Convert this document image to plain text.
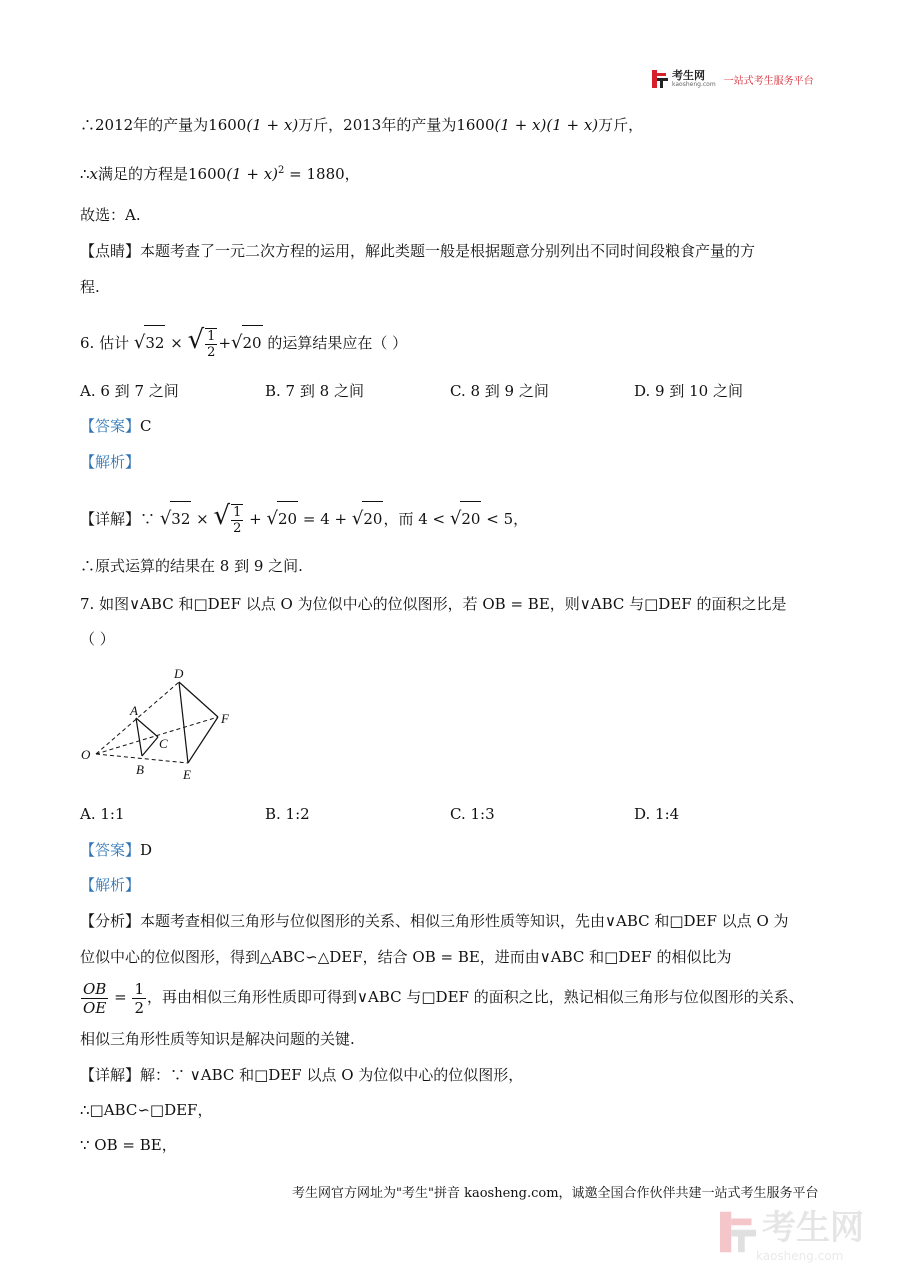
考生网
kaosheng.com 一站式考生服务平台
∴2012年的产量为1600(1 + x)万斤，2013年的产量为1600(1 + x)(1 + x)万斤，
∴x满足的方程是$1600(1 + x)^2 = 1880$，
故选：A.
【点睛】本题考查了一元二次方程的运用，解此类题一般是根据题意分别列出不同时间段粮食产量的方
程.
6. 估计 √32 × √ $\frac{1}{2} +√20$ 的运算结果应在（ ）
A. 6 到 7 之间	B. 7 到 8 之间	C. 8 到 9 之间	D. 9 到 10 之间
【答案】C
【解析】
【详解】∵ √32 × √ $\frac{1}{2} + √20 = 4 + √20$，而 4 < √20 < 5，
∴原式运算的结果在 8 到 9 之间.
7. 如图∨ABC 和□DEF 以点 O 为位似中心的位似图形，若 OB = BE，则∨ABC 与□DEF 的面积之比是
（ ）
D
A
F
C
O
B	E
A. 1:1	B. 1:2	C. 1:3	D. 1:4
【答案】D
【解析】
【分析】本题考查相似三角形与位似图形的关系、相似三角形性质等知识，先由∨ABC 和□DEF 以点 O 为
位似中心的位似图形，得到△ABC∽△DEF，结合 OB = BE，进而由∨ABC 和□DEF 的相似比为
$\frac{OB}{OE} = \frac{1}{2}$ ，再由相似三角形性质即可得到∨ABC 与□DEF 的面积之比，熟记相似三角形与位似图形的关系、
相似三角形性质等知识是解决问题的关键.
【详解】解：∵ ∨ABC 和□DEF 以点 O 为位似中心的位似图形，
∴□ABC∽□DEF，
∵ OB = BE，
考生网官方网址为"考生"拼音 kaosheng.com，诚邀全国合作伙伴共建一站式考生服务平台
考生网
kaosheng.com
